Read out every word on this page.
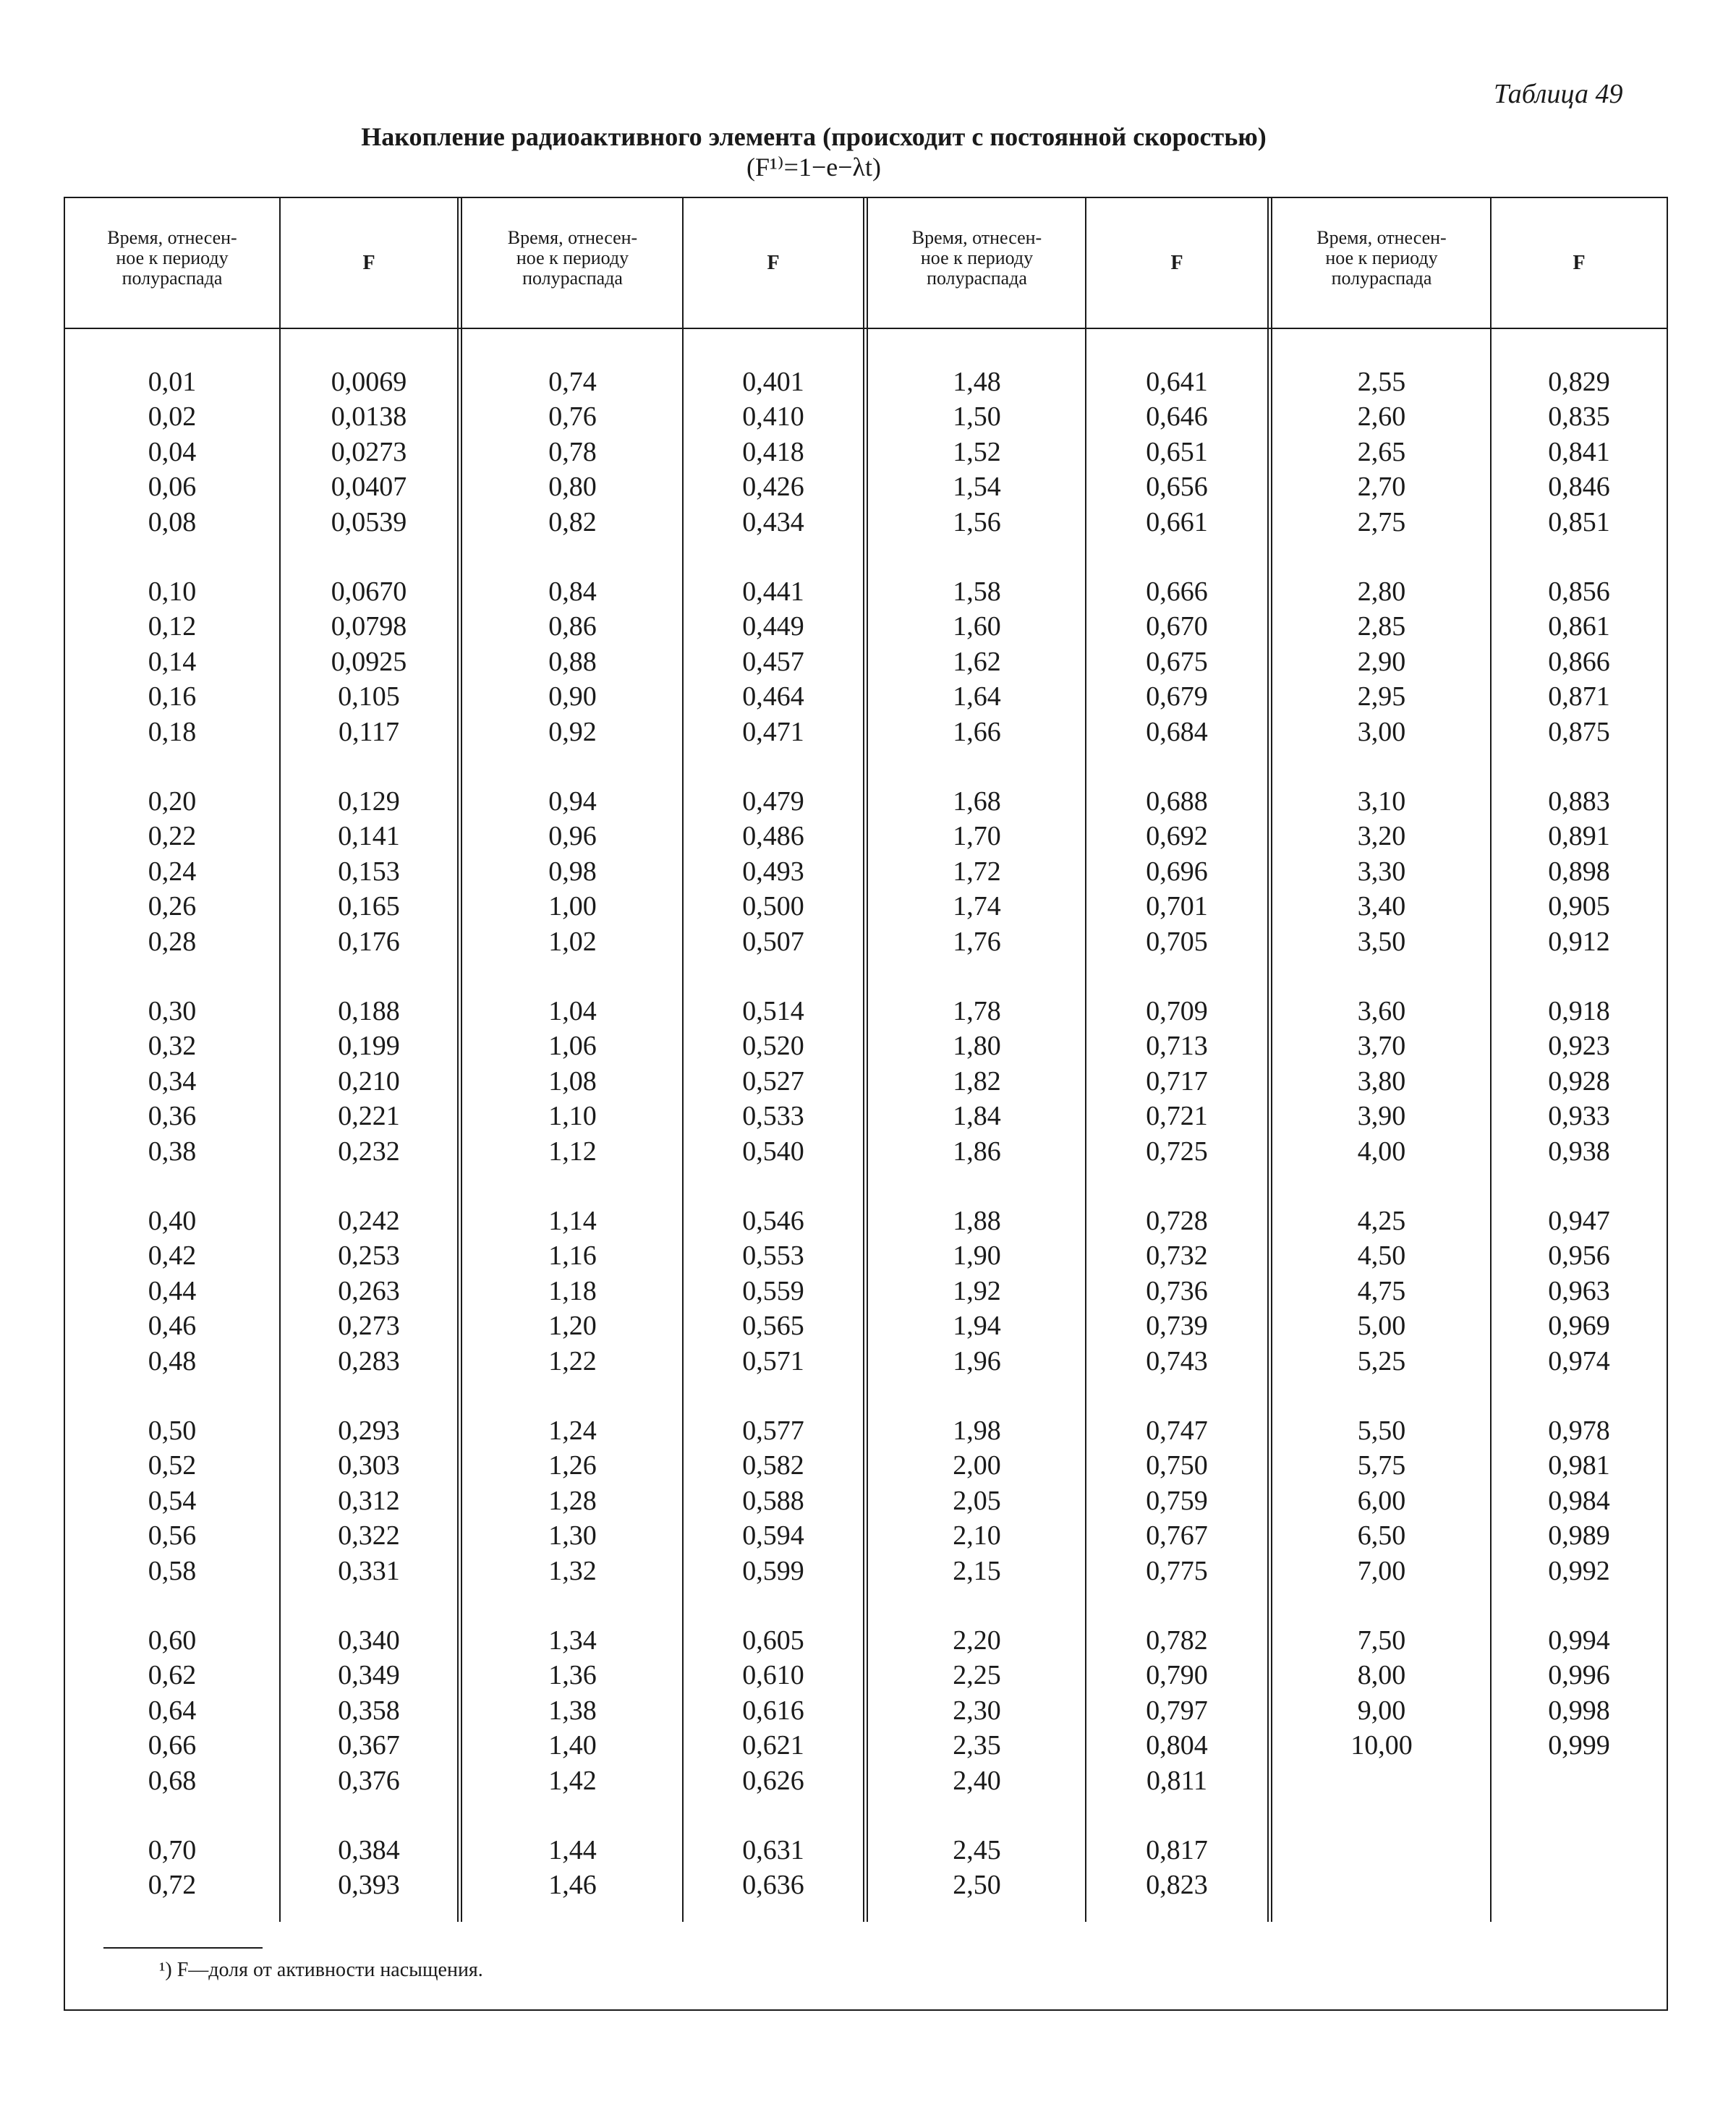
Таблица 49
Накопление радиоактивного элемента (происходит с постоянной скоростью)
(F¹⁾=1−e−λt)
Время, отнесен-
ное к периоду
полураспада
F
Время, отнесен-
ное к периоду
полураспада
F
Время, отнесен-
ное к периоду
полураспада
F
Время, отнесен-
ное к периоду
полураспада
F
0,01
0,02
0,04
0,06
0,08
0,10
0,12
0,14
0,16
0,18
0,20
0,22
0,24
0,26
0,28
0,30
0,32
0,34
0,36
0,38
0,40
0,42
0,44
0,46
0,48
0,50
0,52
0,54
0,56
0,58
0,60
0,62
0,64
0,66
0,68
0,70
0,72
0,0069
0,0138
0,0273
0,0407
0,0539
0,0670
0,0798
0,0925
0,105
0,117
0,129
0,141
0,153
0,165
0,176
0,188
0,199
0,210
0,221
0,232
0,242
0,253
0,263
0,273
0,283
0,293
0,303
0,312
0,322
0,331
0,340
0,349
0,358
0,367
0,376
0,384
0,393
0,74
0,76
0,78
0,80
0,82
0,84
0,86
0,88
0,90
0,92
0,94
0,96
0,98
1,00
1,02
1,04
1,06
1,08
1,10
1,12
1,14
1,16
1,18
1,20
1,22
1,24
1,26
1,28
1,30
1,32
1,34
1,36
1,38
1,40
1,42
1,44
1,46
0,401
0,410
0,418
0,426
0,434
0,441
0,449
0,457
0,464
0,471
0,479
0,486
0,493
0,500
0,507
0,514
0,520
0,527
0,533
0,540
0,546
0,553
0,559
0,565
0,571
0,577
0,582
0,588
0,594
0,599
0,605
0,610
0,616
0,621
0,626
0,631
0,636
1,48
1,50
1,52
1,54
1,56
1,58
1,60
1,62
1,64
1,66
1,68
1,70
1,72
1,74
1,76
1,78
1,80
1,82
1,84
1,86
1,88
1,90
1,92
1,94
1,96
1,98
2,00
2,05
2,10
2,15
2,20
2,25
2,30
2,35
2,40
2,45
2,50
0,641
0,646
0,651
0,656
0,661
0,666
0,670
0,675
0,679
0,684
0,688
0,692
0,696
0,701
0,705
0,709
0,713
0,717
0,721
0,725
0,728
0,732
0,736
0,739
0,743
0,747
0,750
0,759
0,767
0,775
0,782
0,790
0,797
0,804
0,811
0,817
0,823
2,55
2,60
2,65
2,70
2,75
2,80
2,85
2,90
2,95
3,00
3,10
3,20
3,30
3,40
3,50
3,60
3,70
3,80
3,90
4,00
4,25
4,50
4,75
5,00
5,25
5,50
5,75
6,00
6,50
7,00
7,50
8,00
9,00
10,00
0,829
0,835
0,841
0,846
0,851
0,856
0,861
0,866
0,871
0,875
0,883
0,891
0,898
0,905
0,912
0,918
0,923
0,928
0,933
0,938
0,947
0,956
0,963
0,969
0,974
0,978
0,981
0,984
0,989
0,992
0,994
0,996
0,998
0,999
¹) F—доля от активности насыщения.
